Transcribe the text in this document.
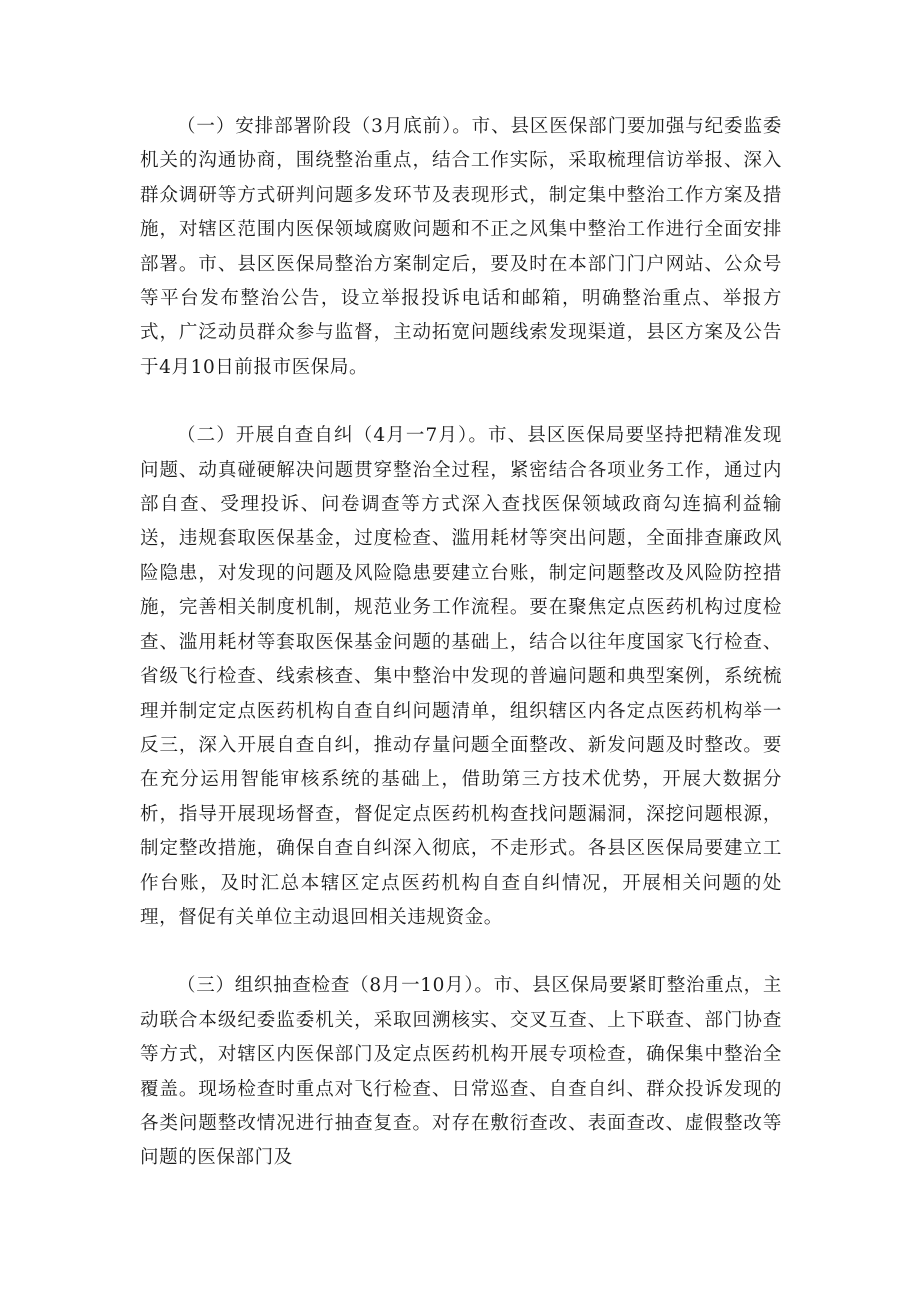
（一）安排部署阶段（3月底前）。市、县区医保部门要加强与纪委监委机关的沟通协商，围绕整治重点，结合工作实际，采取梳理信访举报、深入群众调研等方式研判问题多发环节及表现形式，制定集中整治工作方案及措施，对辖区范围内医保领域腐败问题和不正之风集中整治工作进行全面安排部署。市、县区医保局整治方案制定后，要及时在本部门门户网站、公众号等平台发布整治公告，设立举报投诉电话和邮箱，明确整治重点、举报方式，广泛动员群众参与监督，主动拓宽问题线索发现渠道，县区方案及公告于4月10日前报市医保局。

（二）开展自查自纠（4月一7月）。市、县区医保局要坚持把精准发现问题、动真碰硬解决问题贯穿整治全过程，紧密结合各项业务工作，通过内部自查、受理投诉、问卷调查等方式深入查找医保领域政商勾连搞利益输送，违规套取医保基金，过度检查、滥用耗材等突出问题，全面排查廉政风险隐患，对发现的问题及风险隐患要建立台账，制定问题整改及风险防控措施，完善相关制度机制，规范业务工作流程。要在聚焦定点医药机构过度检查、滥用耗材等套取医保基金问题的基础上，结合以往年度国家飞行检查、省级飞行检查、线索核查、集中整治中发现的普遍问题和典型案例，系统梳理并制定定点医药机构自查自纠问题清单，组织辖区内各定点医药机构举一反三，深入开展自查自纠，推动存量问题全面整改、新发问题及时整改。要在充分运用智能审核系统的基础上，借助第三方技术优势，开展大数据分析，指导开展现场督查，督促定点医药机构查找问题漏洞，深挖问题根源，制定整改措施，确保自查自纠深入彻底，不走形式。各县区医保局要建立工作台账，及时汇总本辖区定点医药机构自查自纠情况，开展相关问题的处理，督促有关单位主动退回相关违规资金。

（三）组织抽查检查（8月一10月）。市、县区保局要紧盯整治重点，主动联合本级纪委监委机关，采取回溯核实、交叉互查、上下联查、部门协查等方式，对辖区内医保部门及定点医药机构开展专项检查，确保集中整治全覆盖。现场检查时重点对飞行检查、日常巡查、自查自纠、群众投诉发现的各类问题整改情况进行抽查复查。对存在敷衍查改、表面查改、虚假整改等问题的医保部门及
